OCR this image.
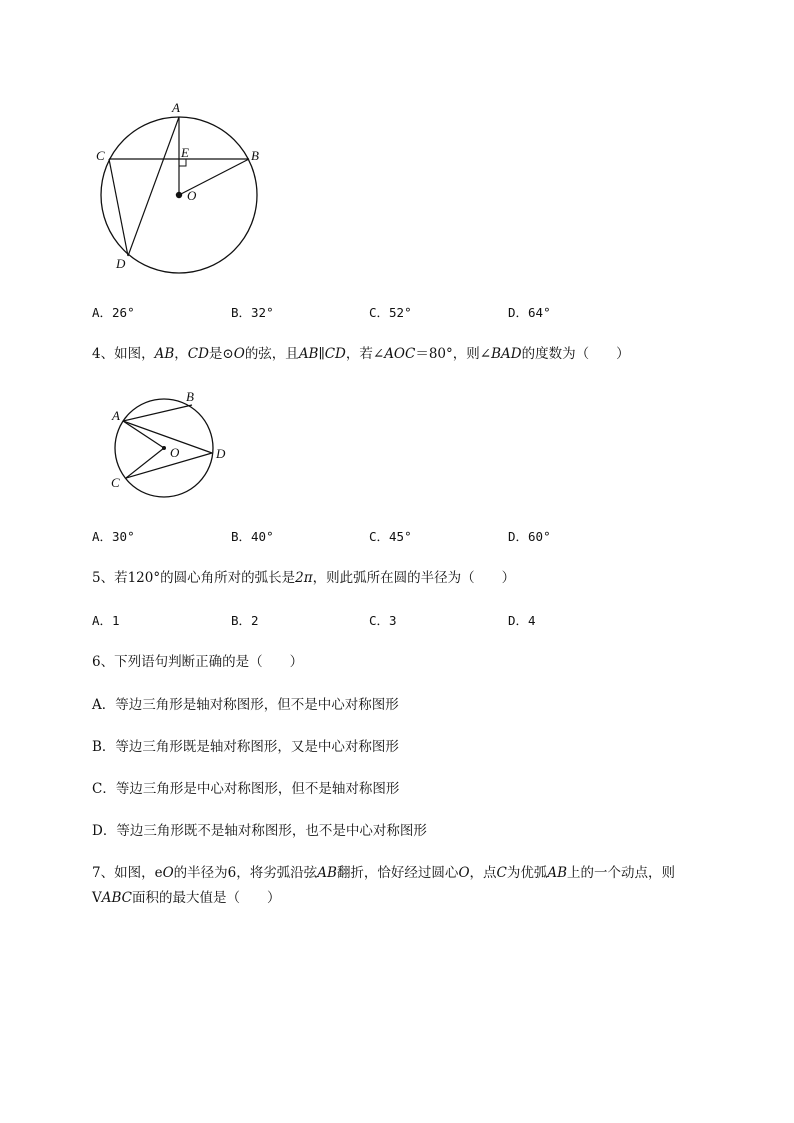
A
C	E	B
O
D
A．26°	B．32°	C．52°	D．64°
4、如图，AB，CD是⊙O的弦，且AB∥CD，若∠AOC＝80°，则∠BAD的度数为（　　）
A
B
O	D
C
A．30°	B．40°	C．45°	D．60°
5、若120°的圆心角所对的弧长是2π，则此弧所在圆的半径为（　　）
A．1	B．2	C．3	D．4
6、下列语句判断正确的是（　　）
A．等边三角形是轴对称图形，但不是中心对称图形
B．等边三角形既是轴对称图形，又是中心对称图形
C．等边三角形是中心对称图形，但不是轴对称图形
D．等边三角形既不是轴对称图形，也不是中心对称图形
7、如图，eO的半径为6，将劣弧沿弦AB翻折，恰好经过圆心O，点C为优弧AB上的一个动点，则
VABC面积的最大值是（　　）
